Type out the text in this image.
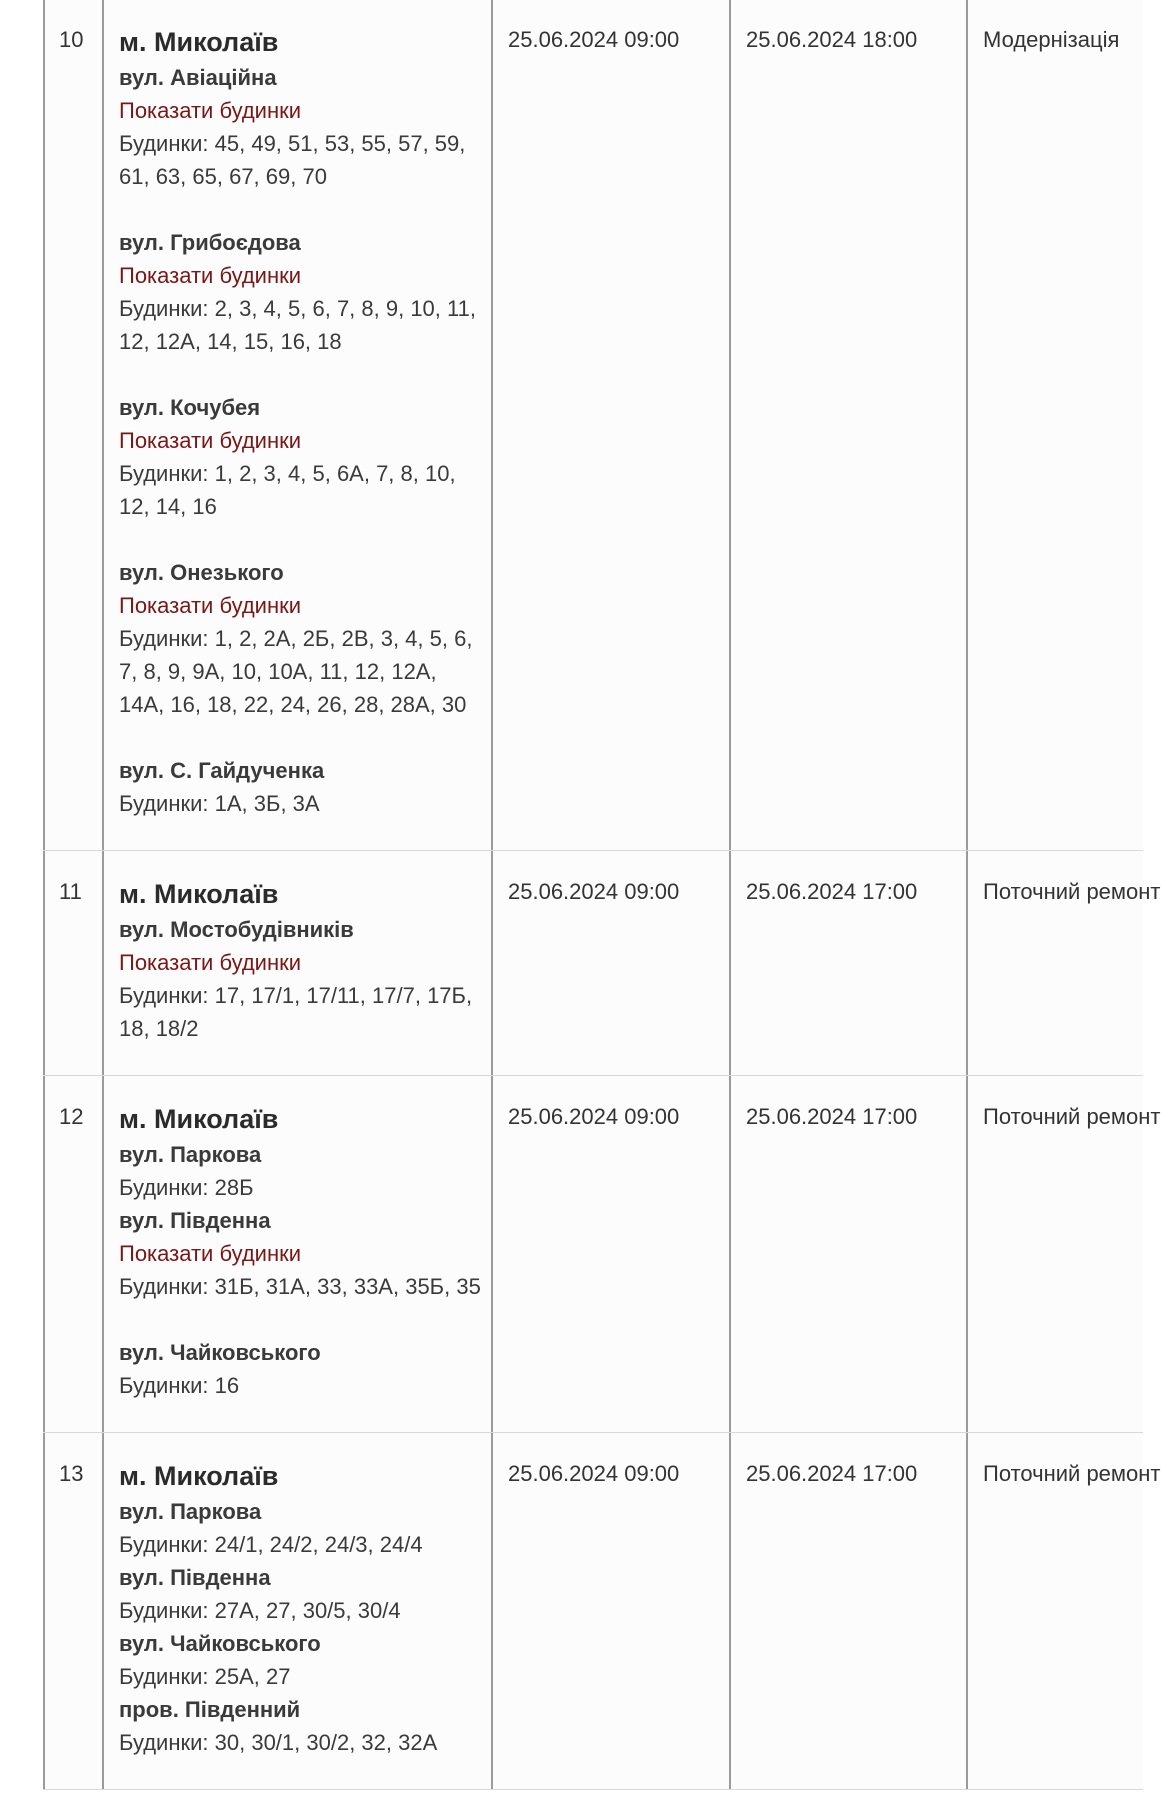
10	м. Миколаїв
вул. Авіаційна
Показати будинки
Будинки: 45, 49, 51, 53, 55, 57, 59, 61, 63, 65, 67, 69, 70
вул. Грибоєдова
Показати будинки
Будинки: 2, 3, 4, 5, 6, 7, 8, 9, 10, 11, 12, 12А, 14, 15, 16, 18
вул. Кочубея
Показати будинки
Будинки: 1, 2, 3, 4, 5, 6А, 7, 8, 10, 12, 14, 16
вул. Онезького
Показати будинки
Будинки: 1, 2, 2А, 2Б, 2В, 3, 4, 5, 6, 7, 8, 9, 9А, 10, 10А, 11, 12, 12А, 14А, 16, 18, 22, 24, 26, 28, 28А, 30
вул. С. Гайдученка
Будинки: 1А, 3Б, 3А
25.06.2024 09:00	25.06.2024 18:00	Модернізація
11	м. Миколаїв
вул. Мостобудівників
Показати будинки
Будинки: 17, 17/1, 17/11, 17/7, 17Б, 18, 18/2
25.06.2024 09:00	25.06.2024 17:00	Поточний ремонт
12	м. Миколаїв
вул. Паркова
Будинки: 28Б
вул. Південна
Показати будинки
Будинки: 31Б, 31А, 33, 33А, 35Б, 35
вул. Чайковського
Будинки: 16
25.06.2024 09:00	25.06.2024 17:00	Поточний ремонт
13	м. Миколаїв
вул. Паркова
Будинки: 24/1, 24/2, 24/3, 24/4
вул. Південна
Будинки: 27А, 27, 30/5, 30/4
вул. Чайковського
Будинки: 25А, 27
пров. Південний
Будинки: 30, 30/1, 30/2, 32, 32А
25.06.2024 09:00	25.06.2024 17:00	Поточний ремонт
